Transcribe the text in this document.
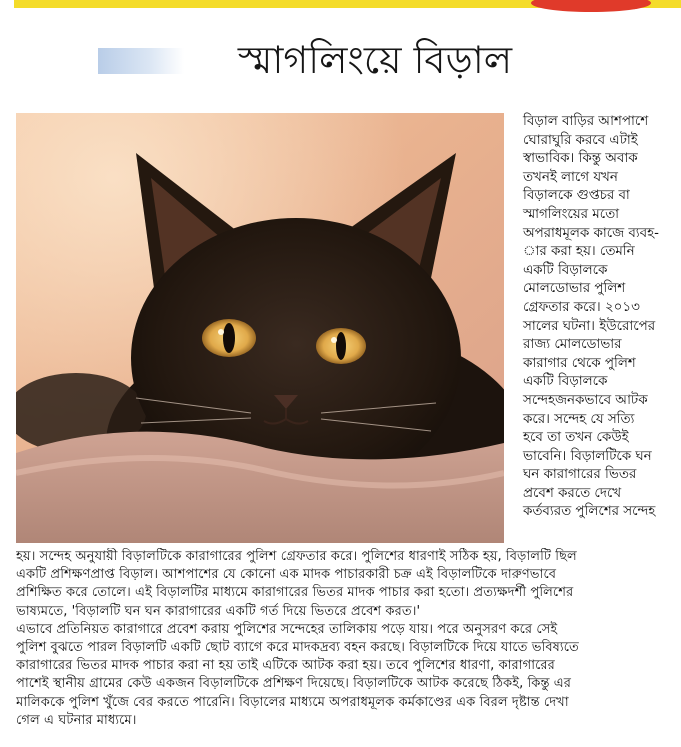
স্মাগলিংয়ে বিড়াল
বিড়াল বাড়ির আশপাশে
ঘোরাঘুরি করবে এটাই
স্বাভাবিক। কিন্তু অবাক
তখনই লাগে যখন
বিড়ালকে গুপ্তচর বা
স্মাগলিংয়ের মতো
অপরাধমূলক কাজে ব্যবহ-
ার করা হয়। তেমনি
একটি বিড়ালকে
মোলডোভার পুলিশ
গ্রেফতার করে। ২০১৩
সালের ঘটনা। ইউরোপের
রাজ্য মোলডোভার
কারাগার থেকে পুলিশ
একটি বিড়ালকে
সন্দেহজনকভাবে আটক
করে। সন্দেহ যে সত্যি
হবে তা তখন কেউই
ভাবেনি। বিড়ালটিকে ঘন
ঘন কারাগারের ভিতর
প্রবেশ করতে দেখে
কর্তব্যরত পুলিশের সন্দেহ
হয়। সন্দেহ অনুযায়ী বিড়ালটিকে কারাগারের পুলিশ গ্রেফতার করে। পুলিশের ধারণাই সঠিক হয়, বিড়ালটি ছিল
একটি প্রশিক্ষণপ্রাপ্ত বিড়াল। আশপাশের যে কোনো এক মাদক পাচারকারী চক্র এই বিড়ালটিকে দারুণভাবে
প্রশিক্ষিত করে তোলে। এই বিড়ালটির মাধ্যমে কারাগারের ভিতর মাদক পাচার করা হতো। প্রত্যক্ষদর্শী পুলিশের
ভাষ্যমতে, 'বিড়ালটি ঘন ঘন কারাগারের একটি গর্ত দিয়ে ভিতরে প্রবেশ করত।'
এভাবে প্রতিনিয়ত কারাগারে প্রবেশ করায় পুলিশের সন্দেহের তালিকায় পড়ে যায়। পরে অনুসরণ করে সেই
পুলিশ বুঝতে পারল বিড়ালটি একটি ছোট ব্যাগে করে মাদকদ্রব্য বহন করছে। বিড়ালটিকে দিয়ে যাতে ভবিষ্যতে
কারাগারের ভিতর মাদক পাচার করা না হয় তাই এটিকে আটক করা হয়। তবে পুলিশের ধারণা, কারাগারের
পাশেই স্থানীয় গ্রামের কেউ একজন বিড়ালটিকে প্রশিক্ষণ দিয়েছে। বিড়ালটিকে আটক করেছে ঠিকই, কিন্তু এর
মালিককে পুলিশ খুঁজে বের করতে পারেনি। বিড়ালের মাধ্যমে অপরাধমূলক কর্মকাণ্ডের এক বিরল দৃষ্টান্ত দেখা
গেল এ ঘটনার মাধ্যমে।
